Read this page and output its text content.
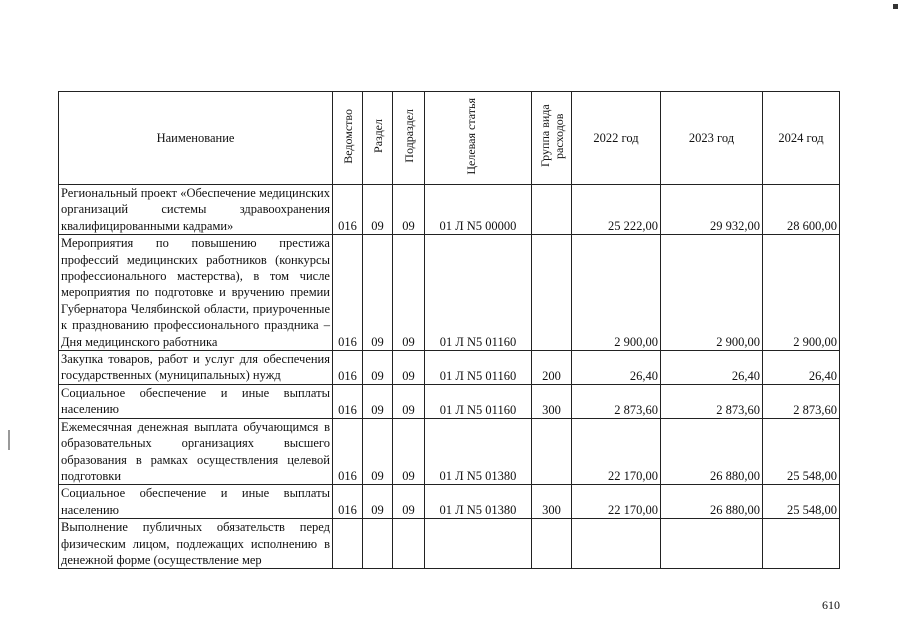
Наименование	Ведомство	Раздел	Подраздел	Целевая статья	Группа вида расходов	2022 год	2023 год	2024 год
Региональный проект «Обеспечение медицинских организаций системы здравоохранения квалифицированными кадрами»	016	09	09	01 Л N5 00000		25 222,00	29 932,00	28 600,00
Мероприятия по повышению престижа профессий медицинских работников (конкурсы профессионального мастерства), в том числе мероприятия по подготовке и вручению премии Губернатора Челябинской области, приуроченные к празднованию профессионального праздника – Дня медицинского работника	016	09	09	01 Л N5 01160		2 900,00	2 900,00	2 900,00
Закупка товаров, работ и услуг для обеспечения государственных (муниципальных) нужд	016	09	09	01 Л N5 01160	200	26,40	26,40	26,40
Социальное обеспечение и иные выплаты населению	016	09	09	01 Л N5 01160	300	2 873,60	2 873,60	2 873,60
Ежемесячная денежная выплата обучающимся в образовательных организациях высшего образования в рамках осуществления целевой подготовки	016	09	09	01 Л N5 01380		22 170,00	26 880,00	25 548,00
Социальное обеспечение и иные выплаты населению	016	09	09	01 Л N5 01380	300	22 170,00	26 880,00	25 548,00
Выполнение публичных обязательств перед физическим лицом, подлежащих исполнению в денежной форме (осуществление мер								
610
